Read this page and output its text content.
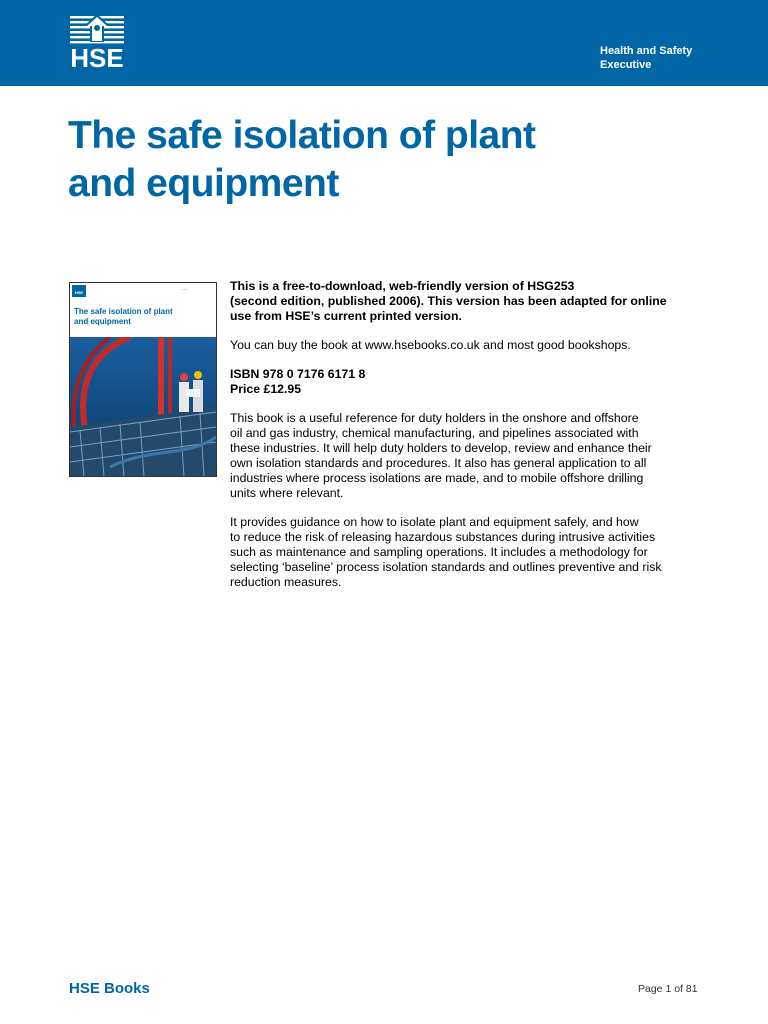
HSE	Health and Safety
Executive
The safe isolation of plant
and equipment
HSE
——
The safe isolation of plant
and equipment
This is a free-to-download, web-friendly version of HSG253
(second edition, published 2006). This version has been adapted for online
use from HSE’s current printed version.
You can buy the book at www.hsebooks.co.uk and most good bookshops.
ISBN 978 0 7176 6171 8
Price £12.95
This book is a useful reference for duty holders in the onshore and offshore
oil and gas industry, chemical manufacturing, and pipelines associated with
these industries. It will help duty holders to develop, review and enhance their
own isolation standards and procedures. It also has general application to all
industries where process isolations are made, and to mobile offshore drilling
units where relevant.
It provides guidance on how to isolate plant and equipment safely, and how
to reduce the risk of releasing hazardous substances during intrusive activities
such as maintenance and sampling operations. It includes a methodology for
selecting ‘baseline’ process isolation standards and outlines preventive and risk
reduction measures.
HSE Books	Page 1 of 81
